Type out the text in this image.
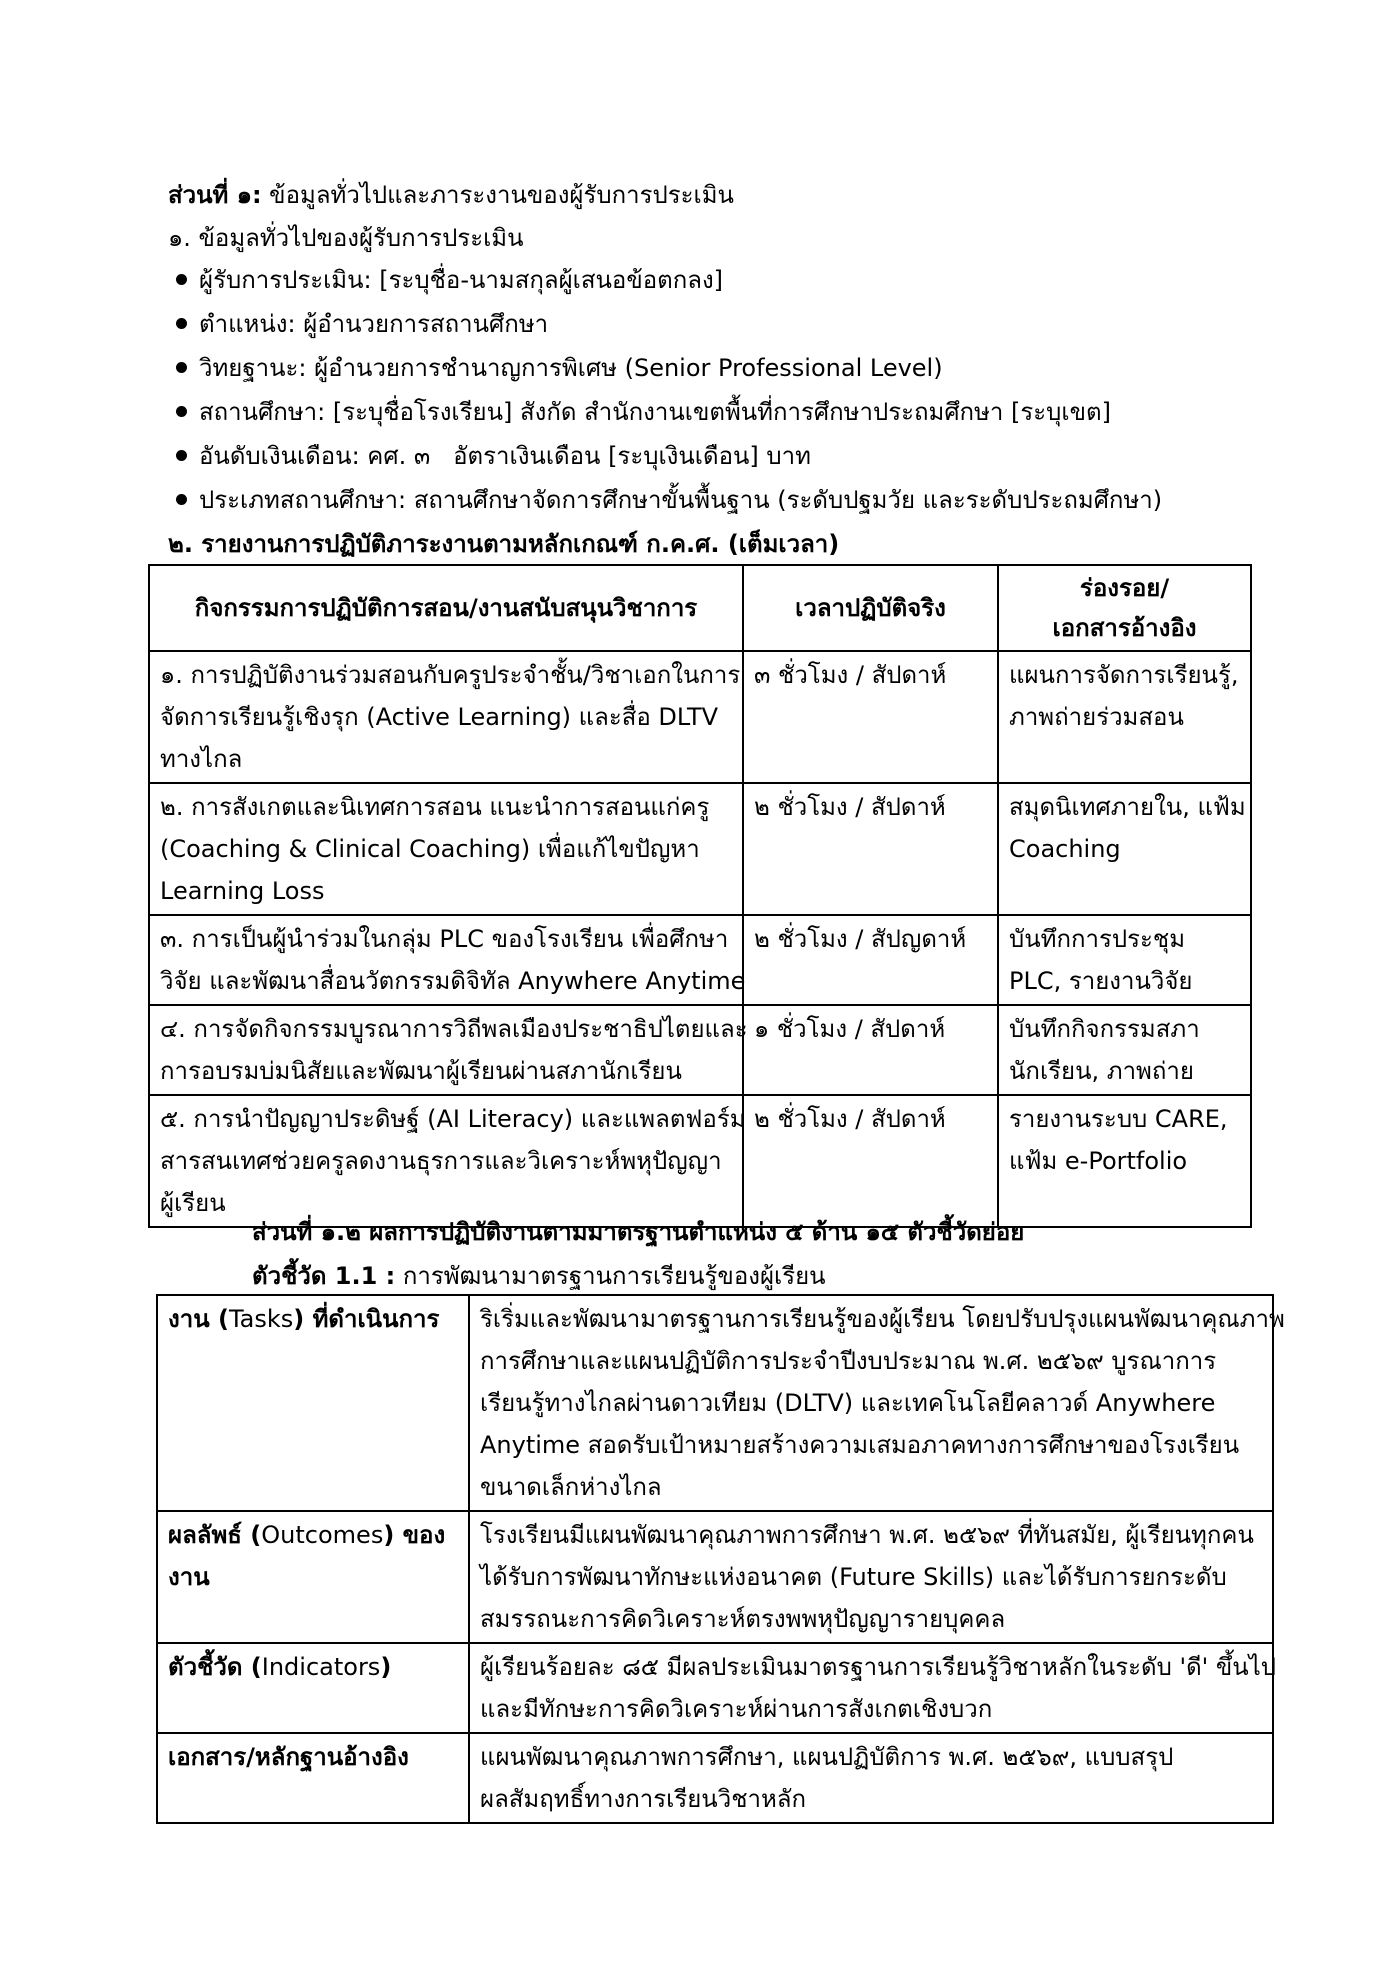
ส่วนที่ ๑: ข้อมูลทั่วไปและภาระงานของผู้รับการประเมิน
๑. ข้อมูลทั่วไปของผู้รับการประเมิน
ผู้รับการประเมิน: [ระบุชื่อ-นามสกุลผู้เสนอข้อตกลง]
ตำแหน่ง: ผู้อำนวยการสถานศึกษา
วิทยฐานะ: ผู้อำนวยการชำนาญการพิเศษ (Senior Professional Level)
สถานศึกษา: [ระบุชื่อโรงเรียน] สังกัด สำนักงานเขตพื้นที่การศึกษาประถมศึกษา [ระบุเขต]
อันดับเงินเดือน: คศ. ๓   อัตราเงินเดือน [ระบุเงินเดือน] บาท
ประเภทสถานศึกษา: สถานศึกษาจัดการศึกษาขั้นพื้นฐาน (ระดับปฐมวัย และระดับประถมศึกษา)
๒. รายงานการปฏิบัติภาระงานตามหลักเกณฑ์ ก.ค.ศ. (เต็มเวลา)
กิจกรรมการปฏิบัติการสอน/งานสนับสนุนวิชาการ	เวลาปฏิบัติจริง	ร่องรอย/
เอกสารอ้างอิง

๑. การปฏิบัติงานร่วมสอนกับครูประจำชั้น/วิชาเอกในการ
จัดการเรียนรู้เชิงรุก (Active Learning) และสื่อ DLTV
ทางไกล	๓ ชั่วโมง / สัปดาห์	แผนการจัดการเรียนรู้,
ภาพถ่ายร่วมสอน

๒. การสังเกตและนิเทศการสอน แนะนำการสอนแก่ครู
(Coaching & Clinical Coaching) เพื่อแก้ไขปัญหา
Learning Loss	๒ ชั่วโมง / สัปดาห์	สมุดนิเทศภายใน, แฟ้ม
Coaching

๓. การเป็นผู้นำร่วมในกลุ่ม PLC ของโรงเรียน เพื่อศึกษา
วิจัย และพัฒนาสื่อนวัตกรรมดิจิทัล Anywhere Anytime	๒ ชั่วโมง / สัปญดาห์	บันทึกการประชุม
PLC, รายงานวิจัย

๔. การจัดกิจกรรมบูรณาการวิถีพลเมืองประชาธิปไตยและ
การอบรมบ่มนิสัยและพัฒนาผู้เรียนผ่านสภานักเรียน	๑ ชั่วโมง / สัปดาห์	บันทึกกิจกรรมสภา
นักเรียน, ภาพถ่าย

๕. การนำปัญญาประดิษฐ์ (AI Literacy) และแพลตฟอร์ม
สารสนเทศช่วยครูลดงานธุรการและวิเคราะห์พหุปัญญา
ผู้เรียน	๒ ชั่วโมง / สัปดาห์	รายงานระบบ CARE,
แฟ้ม e-Portfolio
ส่วนที่ ๑.๒ ผลการปฏิบัติงานตามมาตรฐานตำแหน่ง ๕ ด้าน ๑๕ ตัวชี้วัดย่อย
ตัวชี้วัด 1.1 : การพัฒนามาตรฐานการเรียนรู้ของผู้เรียน
งาน (Tasks) ที่ดำเนินการ	ริเริ่มและพัฒนามาตรฐานการเรียนรู้ของผู้เรียน โดยปรับปรุงแผนพัฒนาคุณภาพ
การศึกษาและแผนปฏิบัติการประจำปีงบประมาณ พ.ศ. ๒๕๖๙ บูรณาการ
เรียนรู้ทางไกลผ่านดาวเทียม (DLTV) และเทคโนโลยีคลาวด์ Anywhere
Anytime สอดรับเป้าหมายสร้างความเสมอภาคทางการศึกษาของโรงเรียน
ขนาดเล็กห่างไกล

ผลลัพธ์ (Outcomes) ของ
งาน	โรงเรียนมีแผนพัฒนาคุณภาพการศึกษา พ.ศ. ๒๕๖๙ ที่ทันสมัย, ผู้เรียนทุกคน
ได้รับการพัฒนาทักษะแห่งอนาคต (Future Skills) และได้รับการยกระดับ
สมรรถนะการคิดวิเคราะห์ตรงพพหุปัญญารายบุคคล

ตัวชี้วัด (Indicators)	ผู้เรียนร้อยละ ๘๕ มีผลประเมินมาตรฐานการเรียนรู้วิชาหลักในระดับ 'ดี' ขึ้นไป
และมีทักษะการคิดวิเคราะห์ผ่านการสังเกตเชิงบวก

เอกสาร/หลักฐานอ้างอิง	แผนพัฒนาคุณภาพการศึกษา, แผนปฏิบัติการ พ.ศ. ๒๕๖๙, แบบสรุป
ผลสัมฤทธิ์ทางการเรียนวิชาหลัก
